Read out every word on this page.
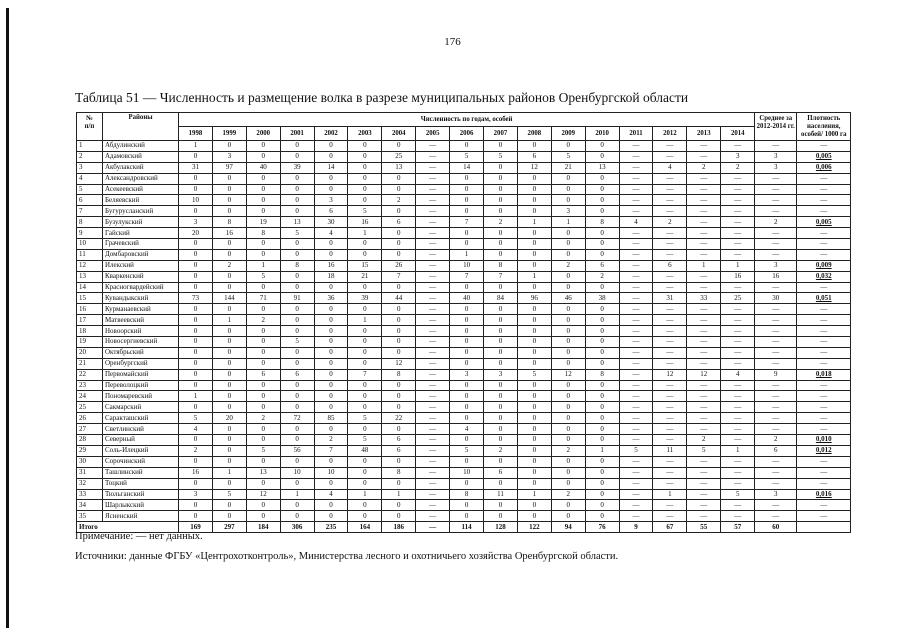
176
Таблица 51 — Численность и размещение волка в разрезе муниципальных районов Оренбургской области
№
п/п	Районы	Численность по годам, особей																	Среднее за 2012-2014 гг.	Плотность населения, особей/ 1000 га
		1998	1999	2000	2001	2002	2003	2004	2005	2006	2007	2008	2009	2010	2011	2012	2013	2014		
1	Абдулинский	1	0	0	0	0	0	0	—	0	0	0	0	0	—	—	—	—	—	—
2	Адамовский	0	3	0	0	0	0	25	—	5	5	6	5	0	—	—	—	3	3	0,005
3	Акбулакский	31	97	40	39	14	0	13	—	14	0	12	21	13	—	4	2	2	3	0,006
4	Александровский	0	0	0	0	0	0	0	—	0	0	0	0	0	—	—	—	—	—	—
5	Асекеевский	0	0	0	0	0	0	0	—	0	0	0	0	0	—	—	—	—	—	—
6	Беляевский	10	0	0	0	3	0	2	—	0	0	0	0	0	—	—	—	—	—	—
7	Бугурусланский	0	0	0	0	6	5	0	—	0	0	0	3	0	—	—	—	—	—	—
8	Бузулукский	3	8	19	13	30	16	6	—	7	2	1	1	8	4	2	—	—	2	0,005
9	Гайский	20	16	8	5	4	1	0	—	0	0	0	0	0	—	—	—	—	—	—
10	Грачевский	0	0	0	0	0	0	0	—	0	0	0	0	0	—	—	—	—	—	—
11	Домбаровский	0	0	0	0	0	0	0	—	1	0	0	0	0	—	—	—	—	—	—
12	Илекский	0	2	1	8	16	15	26	—	10	8	0	2	6	—	6	1	1	3	0,009
13	Кваркенский	0	0	5	0	18	21	7	—	7	7	1	0	2	—	—	—	16	16	0,032
14	Красногвардейский	0	0	0	0	0	0	0	—	0	0	0	0	0	—	—	—	—	—	—
15	Кувандыкский	73	144	71	91	36	39	44	—	40	84	96	46	38	—	31	33	25	30	0,051
16	Курманаевский	0	0	0	0	0	0	0	—	0	0	0	0	0	—	—	—	—	—	—
17	Матвеевский	0	1	2	0	0	1	0	—	0	0	0	0	0	—	—	—	—	—	—
18	Новоорский	0	0	0	0	0	0	0	—	0	0	0	0	0	—	—	—	—	—	—
19	Новосергиевский	0	0	0	5	0	0	0	—	0	0	0	0	0	—	—	—	—	—	—
20	Октябрьский	0	0	0	0	0	0	0	—	0	0	0	0	0	—	—	—	—	—	—
21	Оренбургский	0	0	0	0	0	0	12	—	0	0	0	0	0	—	—	—	—	—	—
22	Первомайский	0	0	6	6	0	7	8	—	3	3	5	12	8	—	12	12	4	9	0,018
23	Переволоцкий	0	0	0	0	0	0	0	—	0	0	0	0	0	—	—	—	—	—	—
24	Пономаревский	1	0	0	0	0	0	0	—	0	0	0	0	0	—	—	—	—	—	—
25	Сакмарский	0	0	0	0	0	0	0	—	0	0	0	0	0	—	—	—	—	—	—
26	Саракташский	5	20	2	72	85	5	22	—	0	0	0	0	0	—	—	—	—	—	—
27	Светлинский	4	0	0	0	0	0	0	—	4	0	0	0	0	—	—	—	—	—	—
28	Северный	0	0	0	0	2	5	6	—	0	0	0	0	0	—	—	2	—	2	0,010
29	Соль-Илецкий	2	0	5	56	7	48	6	—	5	2	0	2	1	5	11	5	1	6	0,012
30	Сорочинский	0	0	0	0	0	0	0	—	0	0	0	0	0	—	—	—	—	—	—
31	Ташлинский	16	1	13	10	10	0	8	—	10	6	0	0	0	—	—	—	—	—	—
32	Тоцкий	0	0	0	0	0	0	0	—	0	0	0	0	0	—	—	—	—	—	—
33	Тюльганский	3	5	12	1	4	1	1	—	8	11	1	2	0	—	1	—	5	3	0,016
34	Шарлыкский	0	0	0	0	0	0	0	—	0	0	0	0	0	—	—	—	—	—	—
35	Ясненский	0	0	0	0	0	0	0	—	0	0	0	0	0	—	—	—	—	—	—
Итого		169	297	184	306	235	164	186	—	114	128	122	94	76	9	67	55	57	60	
Примечание: — нет данных.
Источники: данные ФГБУ «Центрохотконтроль», Министерства лесного и охотничьего хозяйства Оренбургской области.
